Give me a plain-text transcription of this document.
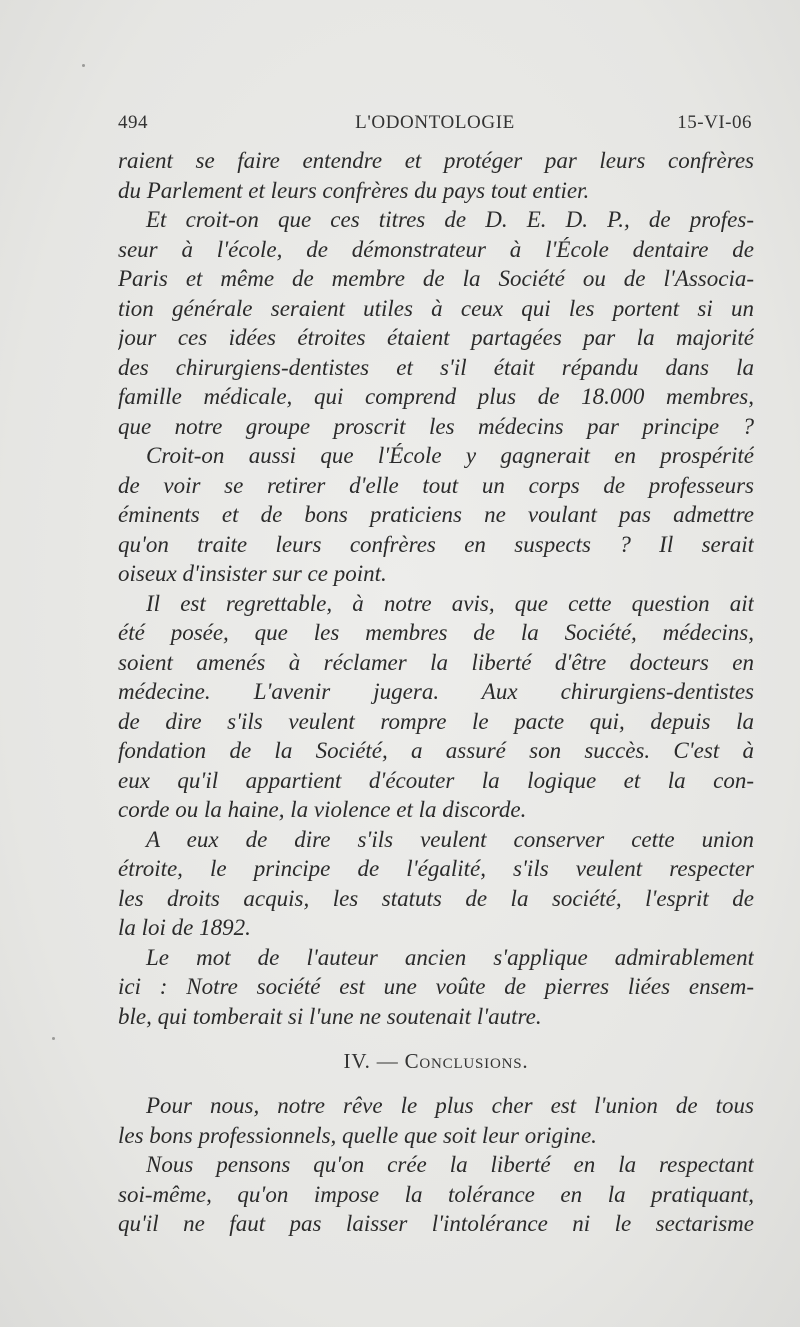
494	L'ODONTOLOGIE	15-VI-06
raient se faire entendre et protéger par leurs confrères
du Parlement et leurs confrères du pays tout entier.
Et croit-on que ces titres de D. E. D. P., de profes-
seur à l'école, de démonstrateur à l'École dentaire de
Paris et même de membre de la Société ou de l'Associa-
tion générale seraient utiles à ceux qui les portent si un
jour ces idées étroites étaient partagées par la majorité
des chirurgiens-dentistes et s'il était répandu dans la
famille médicale, qui comprend plus de 18.000 membres,
que notre groupe proscrit les médecins par principe ?
Croit-on aussi que l'École y gagnerait en prospérité
de voir se retirer d'elle tout un corps de professeurs
éminents et de bons praticiens ne voulant pas admettre
qu'on traite leurs confrères en suspects ? Il serait
oiseux d'insister sur ce point.
Il est regrettable, à notre avis, que cette question ait
été posée, que les membres de la Société, médecins,
soient amenés à réclamer la liberté d'être docteurs en
médecine. L'avenir jugera. Aux chirurgiens-dentistes
de dire s'ils veulent rompre le pacte qui, depuis la
fondation de la Société, a assuré son succès. C'est à
eux qu'il appartient d'écouter la logique et la con-
corde ou la haine, la violence et la discorde.
A eux de dire s'ils veulent conserver cette union
étroite, le principe de l'égalité, s'ils veulent respecter
les droits acquis, les statuts de la société, l'esprit de
la loi de 1892.
Le mot de l'auteur ancien s'applique admirablement
ici : Notre société est une voûte de pierres liées ensem-
ble, qui tomberait si l'une ne soutenait l'autre.
IV. — Conclusions.
Pour nous, notre rêve le plus cher est l'union de tous
les bons professionnels, quelle que soit leur origine.
Nous pensons qu'on crée la liberté en la respectant
soi-même, qu'on impose la tolérance en la pratiquant,
qu'il ne faut pas laisser l'intolérance ni le sectarisme
